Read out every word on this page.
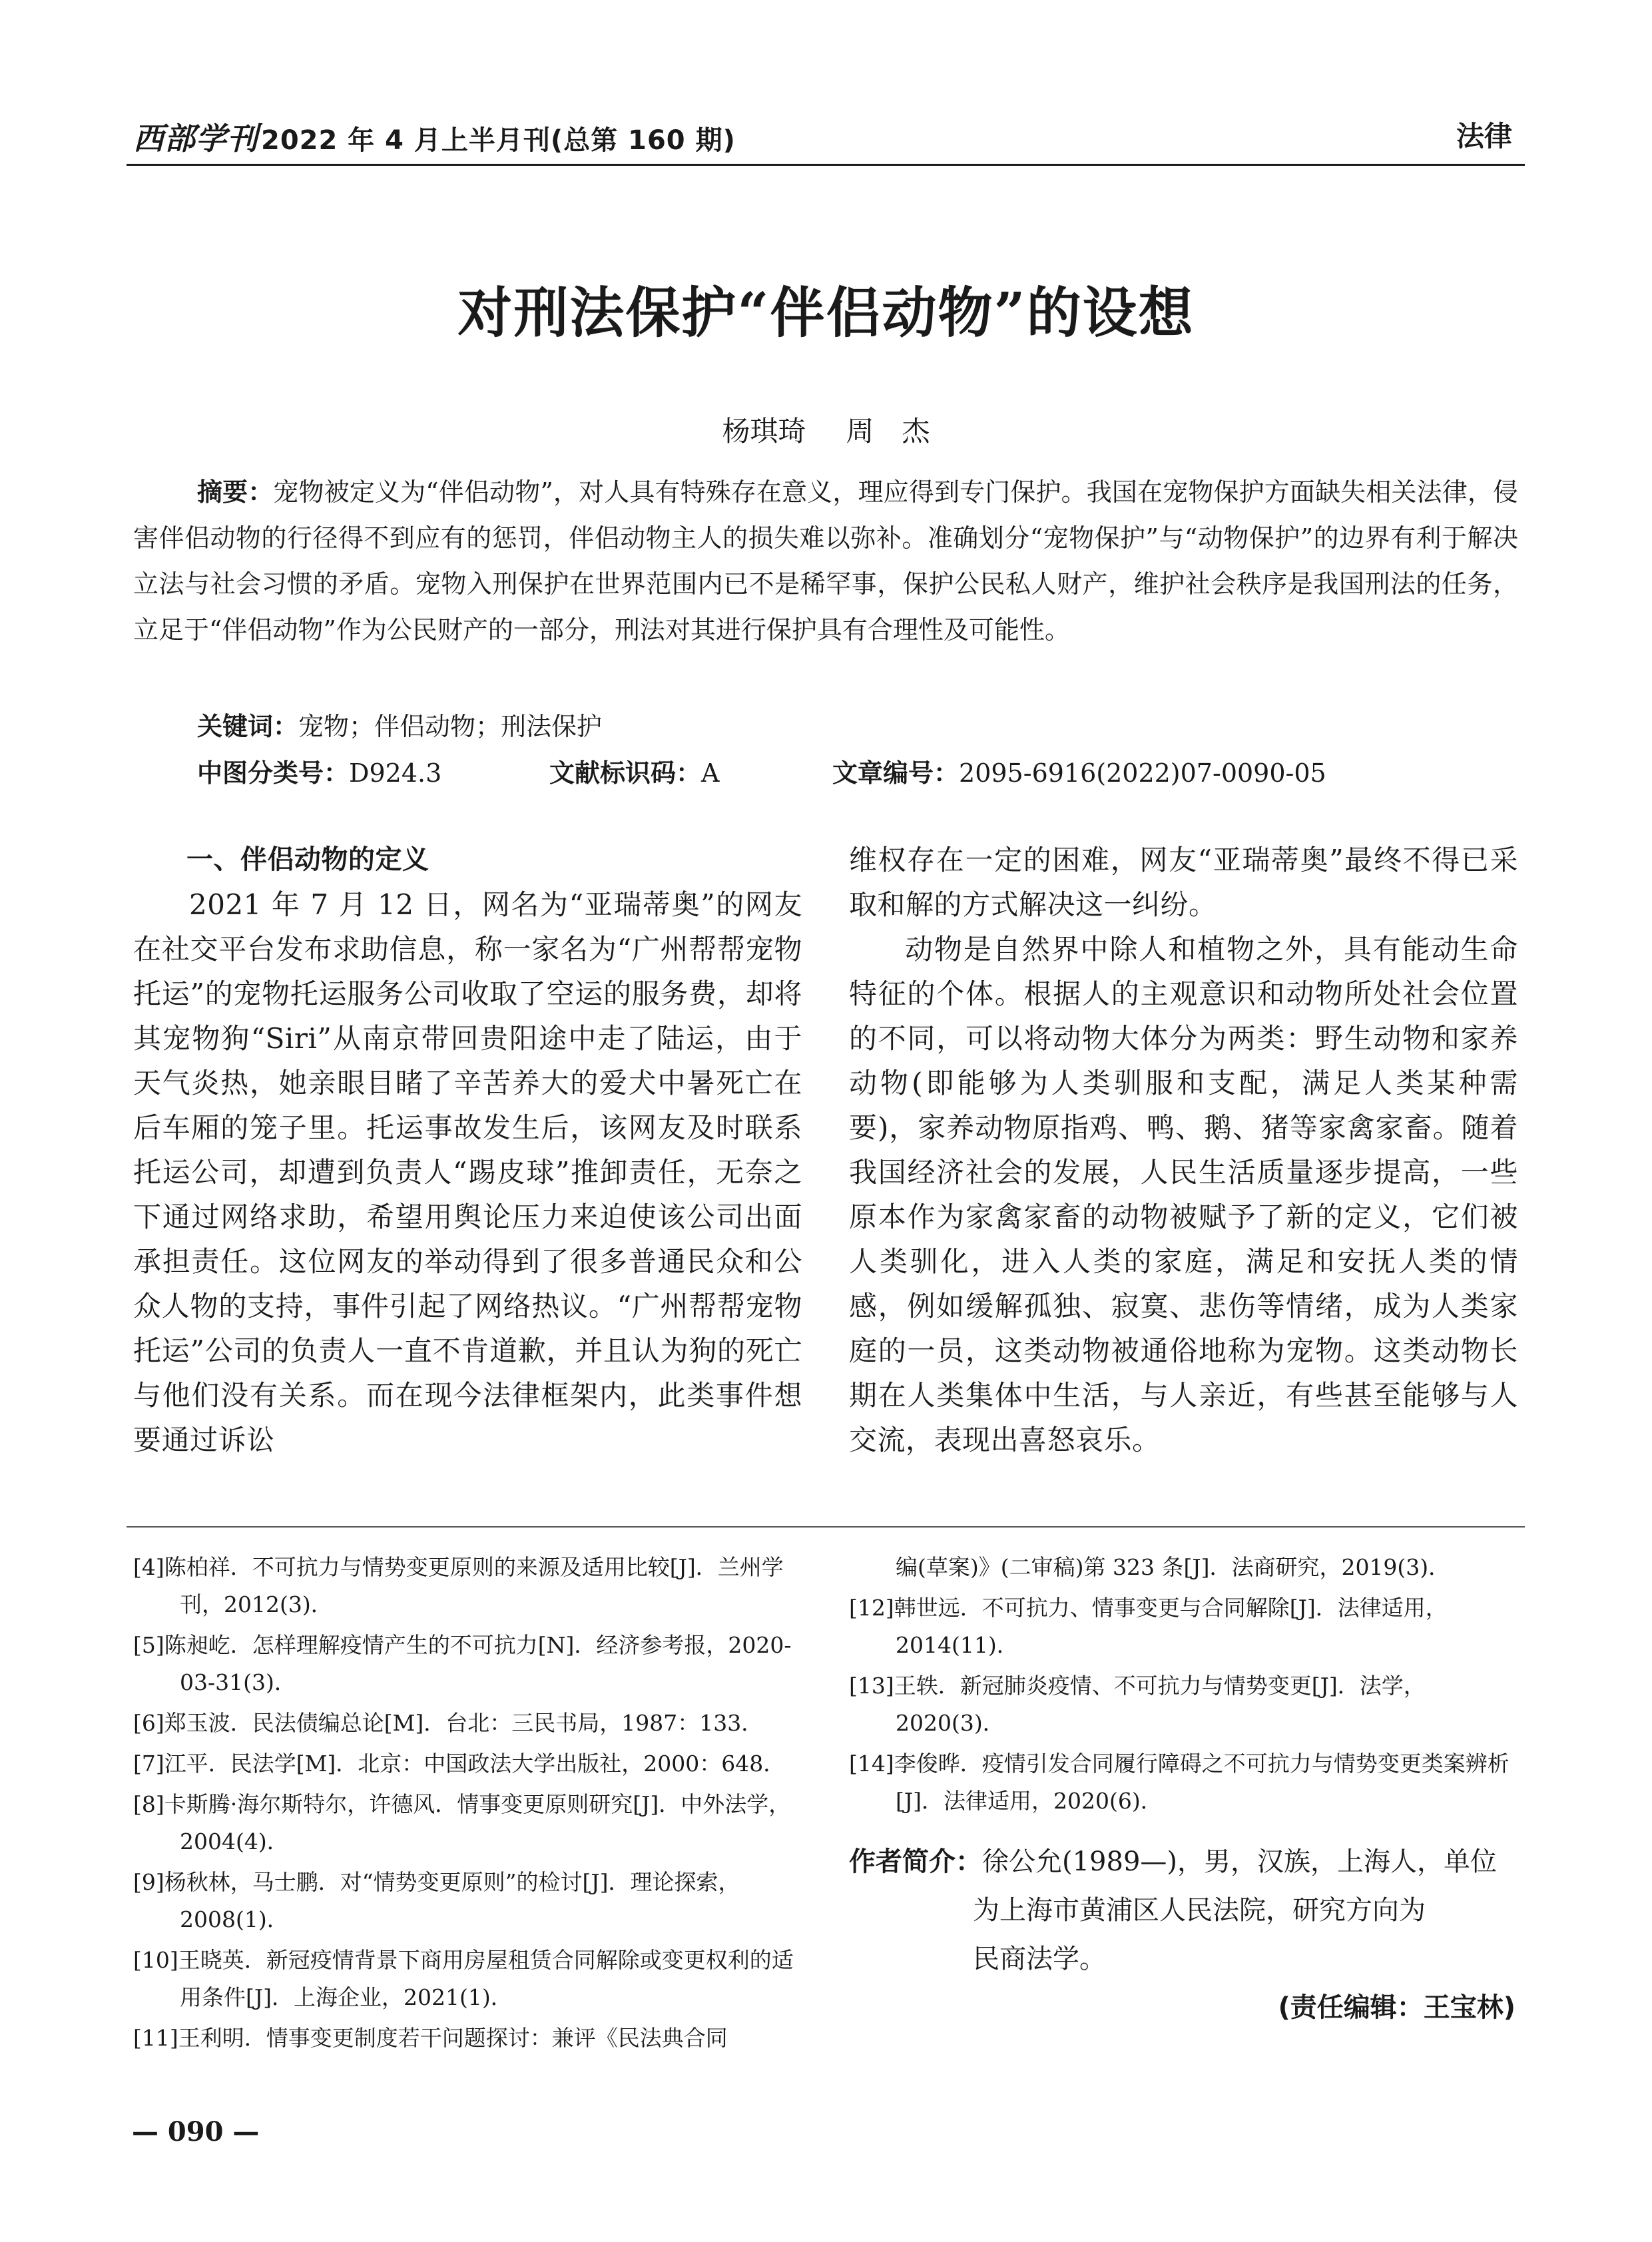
西部学刊 2022 年 4 月上半月刊(总第 160 期)	法律
对刑法保护“伴侣动物”的设想
杨琪琦 周　杰
摘要：宠物被定义为“伴侣动物”，对人具有特殊存在意义，理应得到专门保护。我国在宠物保护方面缺失相关法律，侵害伴侣动物的行径得不到应有的惩罚，伴侣动物主人的损失难以弥补。准确划分“宠物保护”与“动物保护”的边界有利于解决立法与社会习惯的矛盾。宠物入刑保护在世界范围内已不是稀罕事，保护公民私人财产，维护社会秩序是我国刑法的任务，立足于“伴侣动物”作为公民财产的一部分，刑法对其进行保护具有合理性及可能性。
关键词：宠物；伴侣动物；刑法保护
中图分类号：D924.3	文献标识码：A	文章编号：2095-6916(2022)07-0090-05

一、伴侣动物的定义

2021 年 7 月 12 日，网名为“亚瑞蒂奥”的网友在社交平台发布求助信息，称一家名为“广州帮帮宠物托运”的宠物托运服务公司收取了空运的服务费，却将其宠物狗“Siri”从南京带回贵阳途中走了陆运，由于天气炎热，她亲眼目睹了辛苦养大的爱犬中暑死亡在后车厢的笼子里。托运事故发生后，该网友及时联系托运公司，却遭到负责人“踢皮球”推卸责任，无奈之下通过网络求助，希望用舆论压力来迫使该公司出面承担责任。这位网友的举动得到了很多普通民众和公众人物的支持，事件引起了网络热议。“广州帮帮宠物托运”公司的负责人一直不肯道歉，并且认为狗的死亡与他们没有关系。而在现今法律框架内，此类事件想要通过诉讼

维权存在一定的困难，网友“亚瑞蒂奥”最终不得已采取和解的方式解决这一纠纷。

动物是自然界中除人和植物之外，具有能动生命特征的个体。根据人的主观意识和动物所处社会位置的不同，可以将动物大体分为两类：野生动物和家养动物(即能够为人类驯服和支配，满足人类某种需要)，家养动物原指鸡、鸭、鹅、猪等家禽家畜。随着我国经济社会的发展，人民生活质量逐步提高，一些原本作为家禽家畜的动物被赋予了新的定义，它们被人类驯化，进入人类的家庭，满足和安抚人类的情感，例如缓解孤独、寂寞、悲伤等情绪，成为人类家庭的一员，这类动物被通俗地称为宠物。这类动物长期在人类集体中生活，与人亲近，有些甚至能够与人交流，表现出喜怒哀乐。

[4]陈柏祥．不可抗力与情势变更原则的来源及适用比较[J]．兰州学刊，2012(3)．

[5]陈昶屹．怎样理解疫情产生的不可抗力[N]．经济参考报，2020-03-31(3)．

[6]郑玉波．民法债编总论[M]．台北：三民书局，1987：133．

[7]江平．民法学[M]．北京：中国政法大学出版社，2000：648．

[8]卡斯腾·海尔斯特尔，许德风．情事变更原则研究[J]．中外法学，2004(4)．

[9]杨秋林，马士鹏．对“情势变更原则”的检讨[J]．理论探索，2008(1)．

[10]王晓英．新冠疫情背景下商用房屋租赁合同解除或变更权利的适用条件[J]．上海企业，2021(1)．

[11]王利明．情事变更制度若干问题探讨：兼评《民法典合同

编(草案)》(二审稿)第 323 条[J]．法商研究，2019(3)．

[12]韩世远．不可抗力、情事变更与合同解除[J]．法律适用，2014(11)．

[13]王轶．新冠肺炎疫情、不可抗力与情势变更[J]．法学，2020(3)．

[14]李俊晔．疫情引发合同履行障碍之不可抗力与情势变更类案辨析[J]．法律适用，2020(6)．

作者简介：徐公允(1989—)，男，汉族，上海人，单位
为上海市黄浦区人民法院，研究方向为
民商法学。
(责任编辑：王宝林)
— 090 —
